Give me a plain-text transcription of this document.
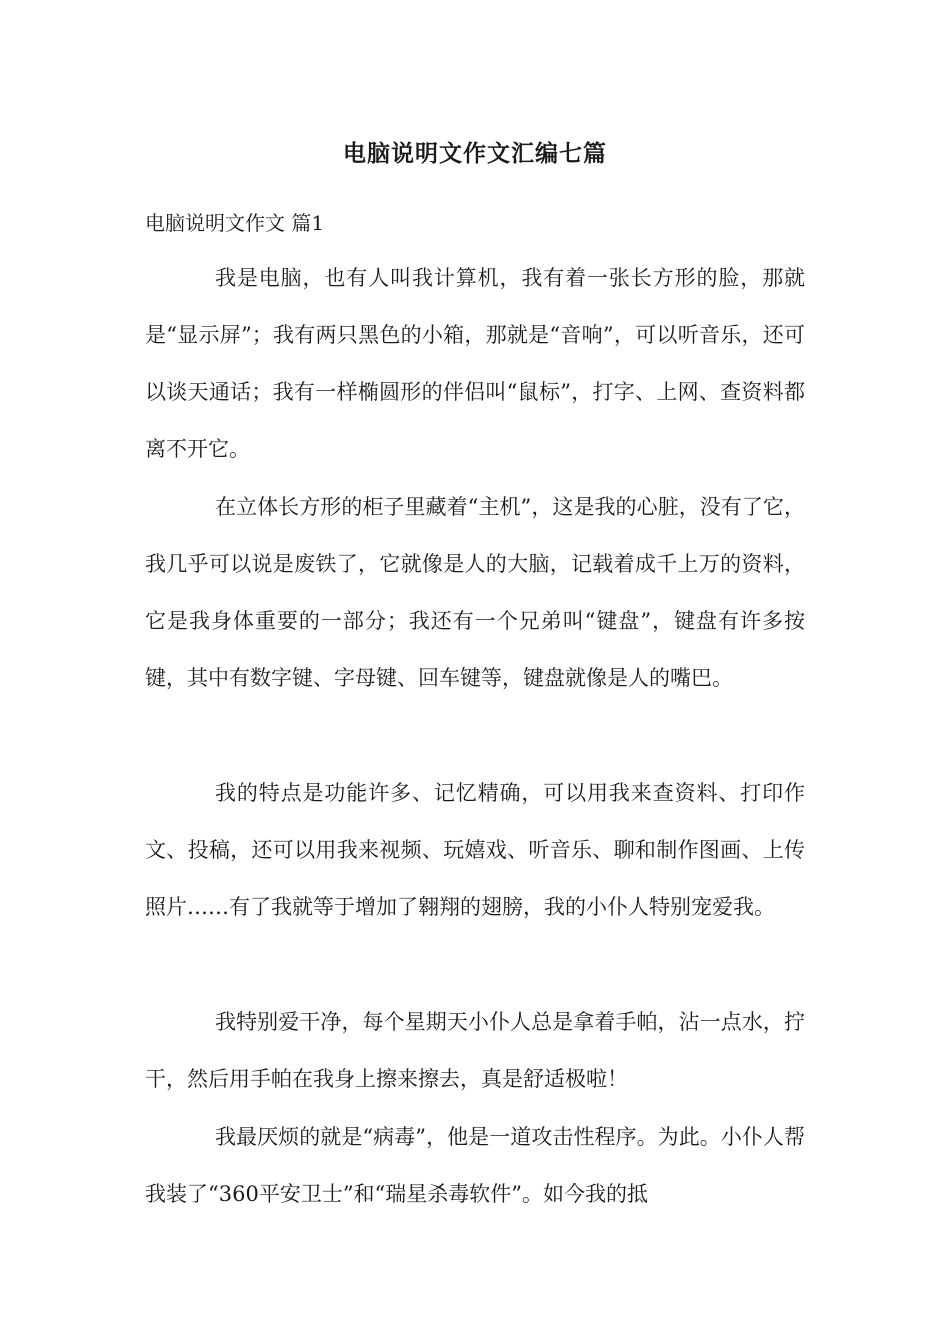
电脑说明文作文汇编七篇
电脑说明文作文 篇1

我是电脑，也有人叫我计算机，我有着一张长方形的脸，那就是“显示屏”；我有两只黑色的小箱，那就是“音响”，可以听音乐，还可以谈天通话；我有一样椭圆形的伴侣叫“鼠标”，打字、上网、查资料都离不开它。

在立体长方形的柜子里藏着“主机”，这是我的心脏，没有了它，我几乎可以说是废铁了，它就像是人的大脑，记载着成千上万的资料，它是我身体重要的一部分；我还有一个兄弟叫“键盘”，键盘有许多按键，其中有数字键、字母键、回车键等，键盘就像是人的嘴巴。

我的特点是功能许多、记忆精确，可以用我来查资料、打印作文、投稿，还可以用我来视频、玩嬉戏、听音乐、聊和制作图画、上传照片……有了我就等于增加了翱翔的翅膀，我的小仆人特别宠爱我。

我特别爱干净，每个星期天小仆人总是拿着手帕，沾一点水，拧干，然后用手帕在我身上擦来擦去，真是舒适极啦！

我最厌烦的就是“病毒”，他是一道攻击性程序。为此。小仆人帮我装了“360平安卫士”和“瑞星杀毒软件”。如今我的抵
